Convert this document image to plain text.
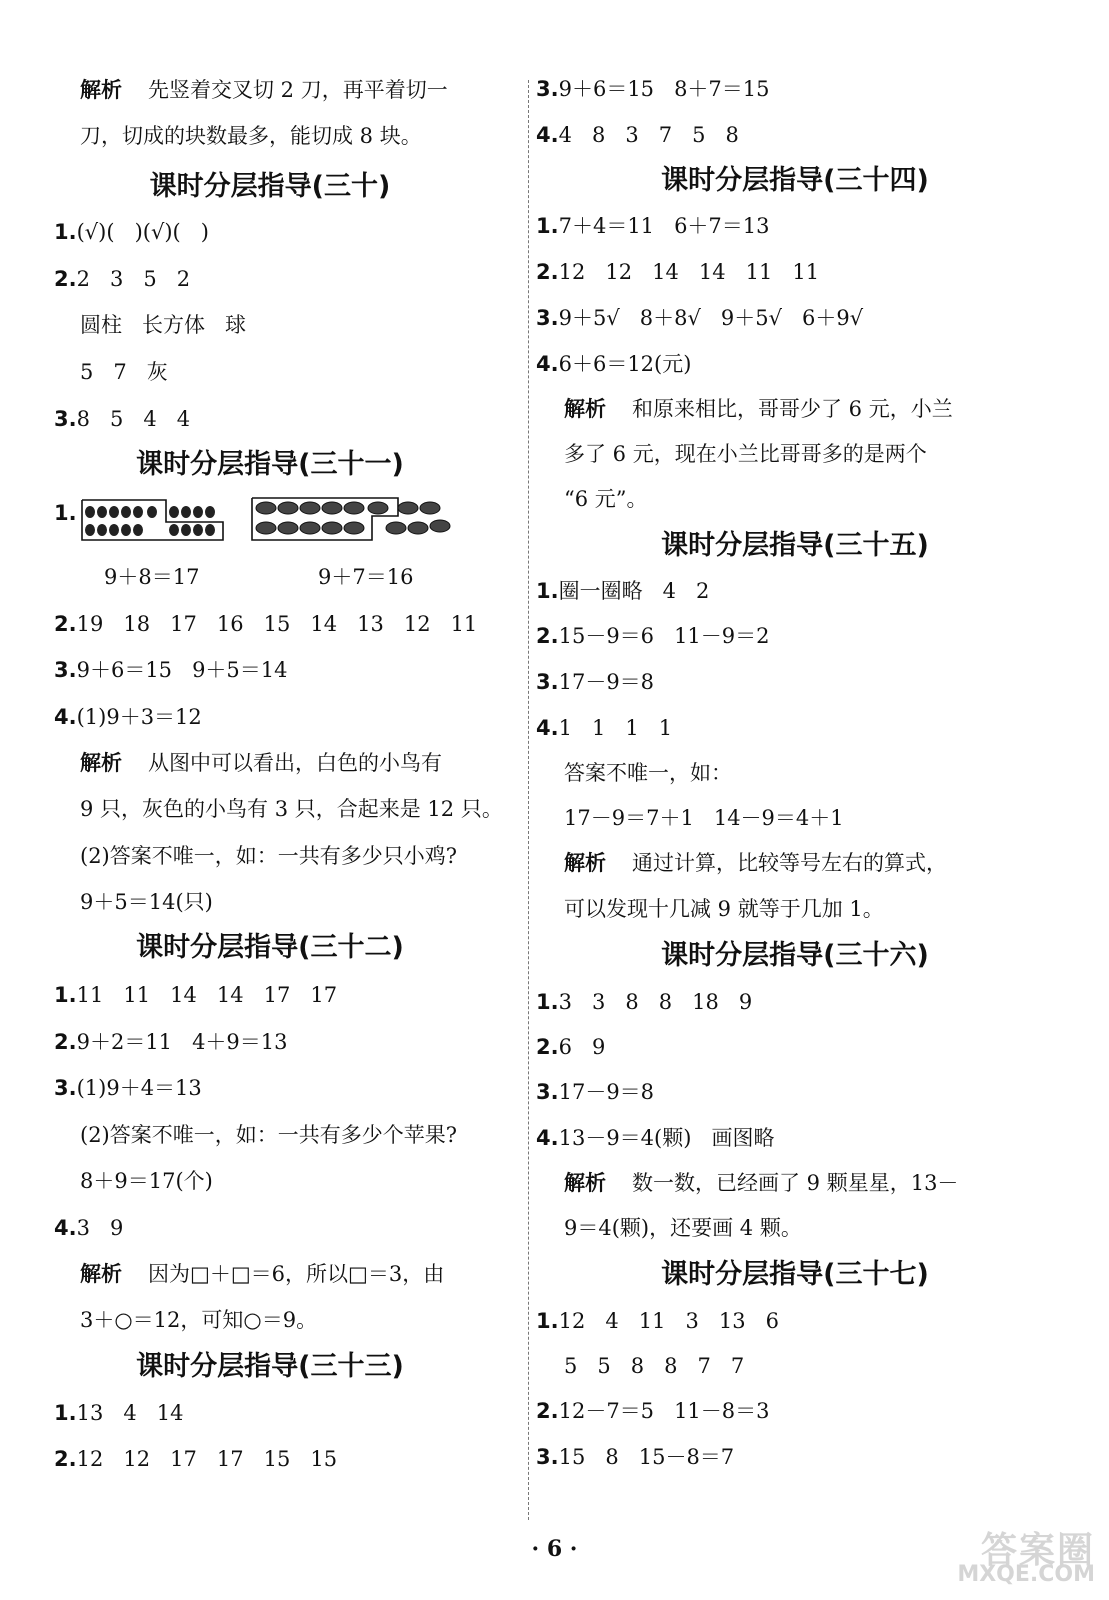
解析 先竖着交叉切 2 刀，再平着切一
刀，切成的块数最多，能切成 8 块。
课时分层指导(三十)
1.(√)(   )(√)(   )
2.2   3   5   2
圆柱   长方体   球
5   7   灰
3.8   5   4   4
课时分层指导(三十一)
1.
9＋8＝17	9＋7＝16
2.19   18   17   16   15   14   13   12   11
3.9＋6＝15   9＋5＝14
4.(1)9＋3＝12
解析 从图中可以看出，白色的小鸟有
9 只，灰色的小鸟有 3 只，合起来是 12 只。
(2)答案不唯一，如：一共有多少只小鸡?
9＋5＝14(只)
课时分层指导(三十二)
1.11   11   14   14   17   17
2.9＋2＝11   4＋9＝13
3.(1)9＋4＝13
(2)答案不唯一，如：一共有多少个苹果?
8＋9＝17(个)
4.3   9
解析 因为□＋□＝6，所以□＝3，由
3＋○＝12，可知○＝9。
课时分层指导(三十三)
1.13   4   14
2.12   12   17   17   15   15
3.9＋6＝15   8＋7＝15
4.4   8   3   7   5   8
课时分层指导(三十四)
1.7＋4＝11   6＋7＝13
2.12   12   14   14   11   11
3.9＋5√   8＋8√   9＋5√   6＋9√
4.6＋6＝12(元)
解析 和原来相比，哥哥少了 6 元，小兰
多了 6 元，现在小兰比哥哥多的是两个
“6 元”。
课时分层指导(三十五)
1.圈一圈略   4   2
2.15－9＝6   11－9＝2
3.17－9＝8
4.1   1   1   1
答案不唯一，如：
17－9＝7＋1   14－9＝4＋1
解析 通过计算，比较等号左右的算式，
可以发现十几减 9 就等于几加 1。
课时分层指导(三十六)
1.3   3   8   8   18   9
2.6   9
3.17－9＝8
4.13－9＝4(颗)   画图略
解析 数一数，已经画了 9 颗星星，13－
9＝4(颗)，还要画 4 颗。
课时分层指导(三十七)
1.12   4   11   3   13   6
5   5   8   8   7   7
2.12－7＝5   11－8＝3
3.15   8   15－8＝7
· 6 ·	答案圈
MXQE.COM
